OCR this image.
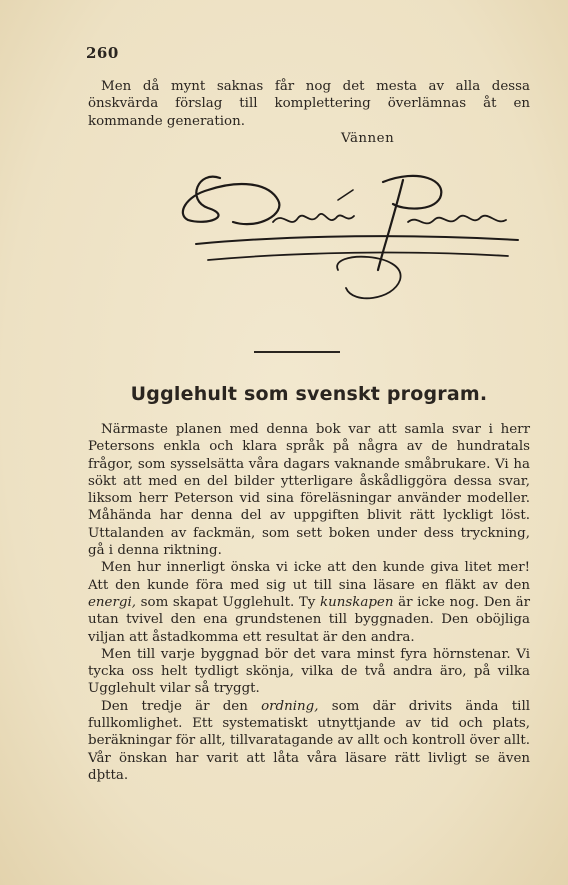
260

Men då mynt saknas får nog det mesta av alla dessa önskvärda förslag till komplettering överlämnas åt en kommande generation.

Vännen
Ugglehult som svenskt program.

Närmaste planen med denna bok var att samla svar i herr Petersons enkla och klara språk på några av de hundratals frågor, som sysselsätta våra dagars vaknande småbrukare. Vi ha sökt att med en del bilder ytterligare åskådliggöra dessa svar, liksom herr Peterson vid sina föreläsningar använder modeller. Måhända har denna del av uppgiften blivit rätt lyckligt löst. Uttalanden av fackmän, som sett boken under dess tryckning, gå i denna riktning.

Men hur innerligt önska vi icke att den kunde giva litet mer! Att den kunde föra med sig ut till sina läsare en fläkt av den energi, som skapat Ugglehult. Ty kunskapen är icke nog. Den är utan tvivel den ena grundstenen till byggnaden. Den oböjliga viljan att åstadkomma ett resultat är den andra.

Men till varje byggnad bör det vara minst fyra hörnstenar. Vi tycka oss helt tydligt skönja, vilka de två andra äro, på vilka Ugglehult vilar så tryggt.

Den tredje är den ordning, som där drivits ända till fullkomlighet. Ett systematiskt utnyttjande av tid och plats, beräkningar för allt, tillvaratagande av allt och kontroll över allt. Vår önskan har varit att låta våra läsare rätt livligt se även dþtta.
